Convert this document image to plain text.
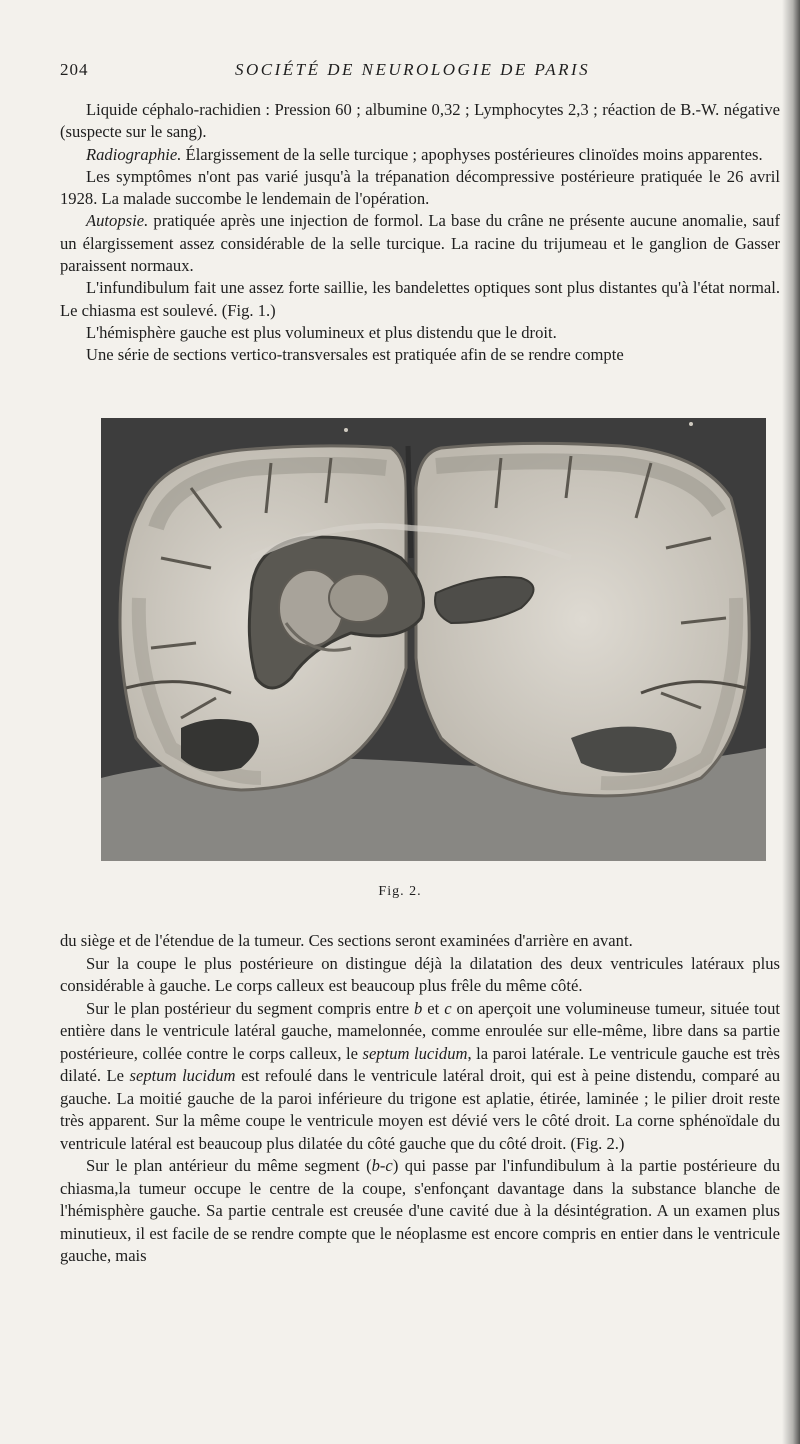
204	SOCIÉTÉ DE NEUROLOGIE DE PARIS

Liquide céphalo-rachidien : Pression 60 ; albumine 0,32 ; Lymphocytes 2,3 ; réaction de B.-W. négative (suspecte sur le sang).

Radiographie. Élargissement de la selle turcique ; apophyses postérieures clinoïdes moins apparentes.

Les symptômes n'ont pas varié jusqu'à la trépanation décompressive postérieure pratiquée le 26 avril 1928. La malade succombe le lendemain de l'opération.

Autopsie. pratiquée après une injection de formol. La base du crâne ne présente aucune anomalie, sauf un élargissement assez considérable de la selle turcique. La racine du trijumeau et le ganglion de Gasser paraissent normaux.

L'infundibulum fait une assez forte saillie, les bandelettes optiques sont plus distantes qu'à l'état normal. Le chiasma est soulevé. (Fig. 1.)

L'hémisphère gauche est plus volumineux et plus distendu que le droit.

Une série de sections vertico-transversales est pratiquée afin de se rendre compte

Fig. 2.

du siège et de l'étendue de la tumeur. Ces sections seront examinées d'arrière en avant.

Sur la coupe le plus postérieure on distingue déjà la dilatation des deux ventricules latéraux plus considérable à gauche. Le corps calleux est beaucoup plus frêle du même côté.

Sur le plan postérieur du segment compris entre b et c on aperçoit une volumineuse tumeur, située tout entière dans le ventricule latéral gauche, mamelonnée, comme enroulée sur elle-même, libre dans sa partie postérieure, collée contre le corps calleux, le septum lucidum, la paroi latérale. Le ventricule gauche est très dilaté. Le septum lucidum est refoulé dans le ventricule latéral droit, qui est à peine distendu, comparé au gauche. La moitié gauche de la paroi inférieure du trigone est aplatie, étirée, laminée ; le pilier droit reste très apparent. Sur la même coupe le ventricule moyen est dévié vers le côté droit. La corne sphénoïdale du ventricule latéral est beaucoup plus dilatée du côté gauche que du côté droit. (Fig. 2.)

Sur le plan antérieur du même segment (b-c) qui passe par l'infundibulum à la partie postérieure du chiasma,la tumeur occupe le centre de la coupe, s'enfonçant davantage dans la substance blanche de l'hémisphère gauche. Sa partie centrale est creusée d'une cavité due à la désintégration. A un examen plus minutieux, il est facile de se rendre compte que le néoplasme est encore compris en entier dans le ventricule gauche, mais
